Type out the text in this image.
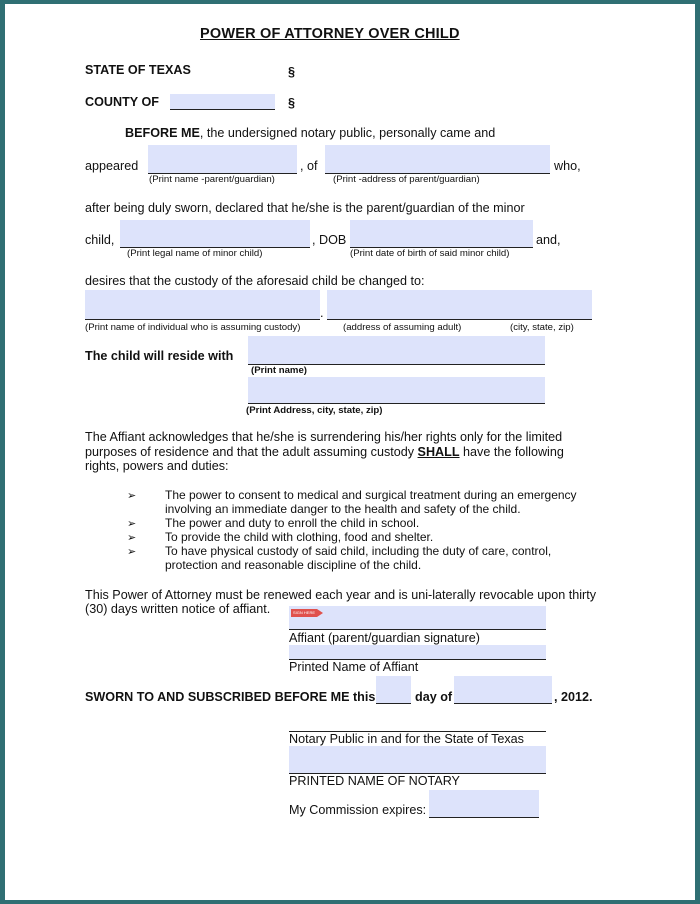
POWER OF ATTORNEY OVER CHILD
STATE OF TEXAS	§
COUNTY OF	§
BEFORE ME, the undersigned notary public, personally came and
appeared	, of	who,
(Print name -parent/guardian)	(Print -address of parent/guardian)
after being duly sworn, declared that he/she is the parent/guardian of the minor
child,	, DOB	and,
(Print legal name of minor child)	(Print date of birth of said minor child)
desires that the custody of the aforesaid child be changed to:
.
(Print name of individual who is assuming custody)	(address of assuming adult)	(city, state, zip)
The child will reside with
(Print name)
(Print Address, city, state, zip)
The Affiant acknowledges that he/she is surrendering his/her rights only for the limited
purposes of residence and that the adult assuming custody SHALL have the following
rights, powers and duties:
➢ The power to consent to medical and surgical treatment during an emergency
involving an immediate danger to the health and safety of the child.
➢ The power and duty to enroll the child in school.
➢ To provide the child with clothing, food and shelter.
➢ To have physical custody of said child, including the duty of care, control,
protection and reasonable discipline of the child.
This Power of Attorney must be renewed each year and is uni-laterally revocable upon thirty
(30) days written notice of affiant.	SIGN HERE
Affiant (parent/guardian signature)
Printed Name of Affiant
SWORN TO AND SUBSCRIBED BEFORE ME this	day of	, 2012.
Notary Public in and for the State of Texas
PRINTED NAME OF NOTARY
My Commission expires:
